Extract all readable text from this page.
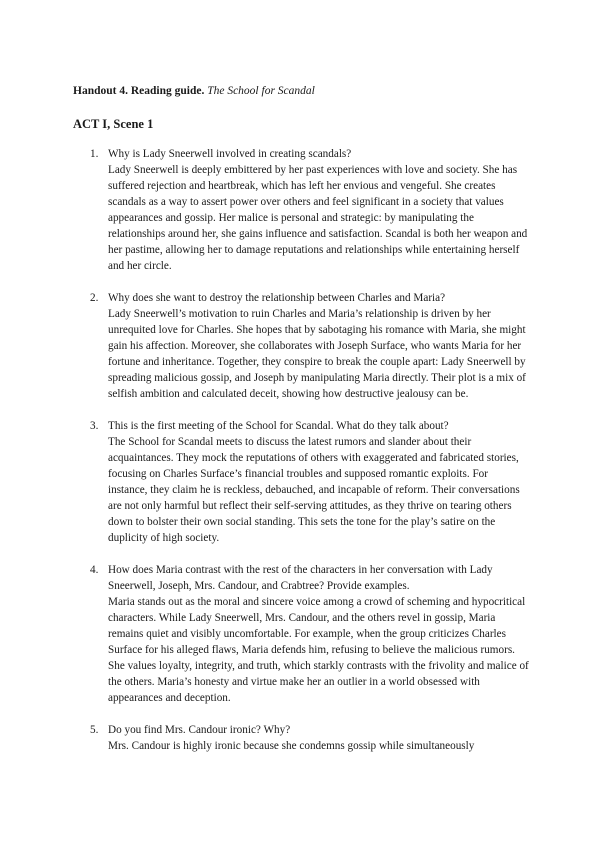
Handout 4. Reading guide. The School for Scandal
ACT I, Scene 1
1. Why is Lady Sneerwell involved in creating scandals?
Lady Sneerwell is deeply embittered by her past experiences with love and society. She has suffered rejection and heartbreak, which has left her envious and vengeful. She creates scandals as a way to assert power over others and feel significant in a society that values appearances and gossip. Her malice is personal and strategic: by manipulating the relationships around her, she gains influence and satisfaction. Scandal is both her weapon and her pastime, allowing her to damage reputations and relationships while entertaining herself and her circle.
2. Why does she want to destroy the relationship between Charles and Maria?
Lady Sneerwell’s motivation to ruin Charles and Maria’s relationship is driven by her unrequited love for Charles. She hopes that by sabotaging his romance with Maria, she might gain his affection. Moreover, she collaborates with Joseph Surface, who wants Maria for her fortune and inheritance. Together, they conspire to break the couple apart: Lady Sneerwell by spreading malicious gossip, and Joseph by manipulating Maria directly. Their plot is a mix of selfish ambition and calculated deceit, showing how destructive jealousy can be.
3. This is the first meeting of the School for Scandal. What do they talk about?
The School for Scandal meets to discuss the latest rumors and slander about their acquaintances. They mock the reputations of others with exaggerated and fabricated stories, focusing on Charles Surface’s financial troubles and supposed romantic exploits. For instance, they claim he is reckless, debauched, and incapable of reform. Their conversations are not only harmful but reflect their self-serving attitudes, as they thrive on tearing others down to bolster their own social standing. This sets the tone for the play’s satire on the duplicity of high society.
4. How does Maria contrast with the rest of the characters in her conversation with Lady Sneerwell, Joseph, Mrs. Candour, and Crabtree? Provide examples.
Maria stands out as the moral and sincere voice among a crowd of scheming and hypocritical characters. While Lady Sneerwell, Mrs. Candour, and the others revel in gossip, Maria remains quiet and visibly uncomfortable. For example, when the group criticizes Charles Surface for his alleged flaws, Maria defends him, refusing to believe the malicious rumors. She values loyalty, integrity, and truth, which starkly contrasts with the frivolity and malice of the others. Maria’s honesty and virtue make her an outlier in a world obsessed with appearances and deception.
5. Do you find Mrs. Candour ironic? Why?
Mrs. Candour is highly ironic because she condemns gossip while simultaneously
